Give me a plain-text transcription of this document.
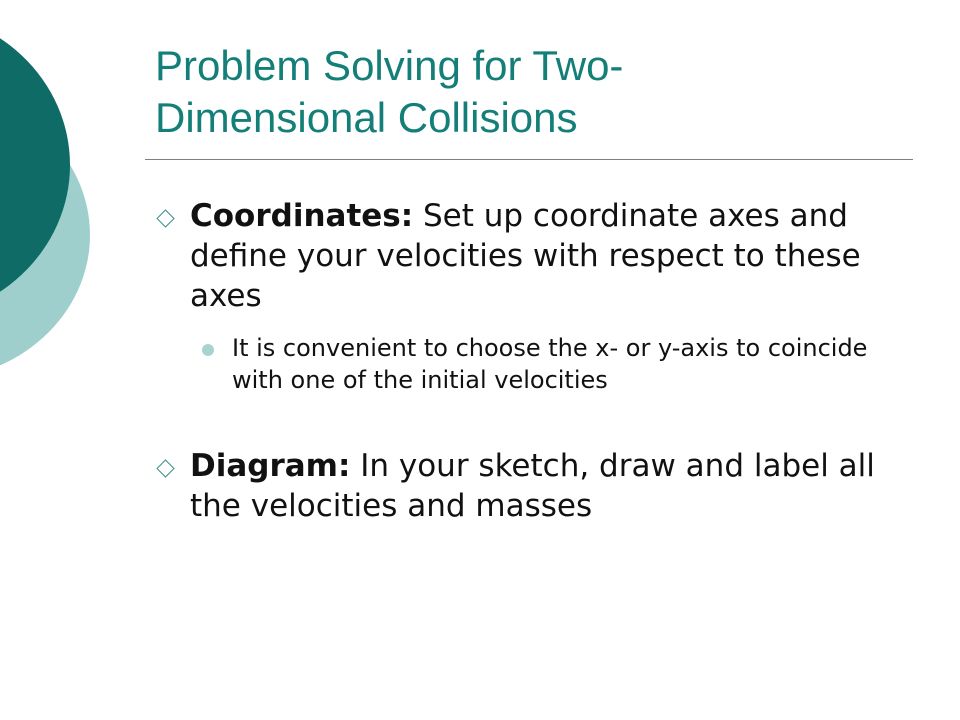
Problem Solving for Two-Dimensional Collisions
Coordinates: Set up coordinate axes and define your velocities with respect to these axes
It is convenient to choose the x- or y-axis to coincide with one of the initial velocities
Diagram: In your sketch, draw and label all the velocities and masses
